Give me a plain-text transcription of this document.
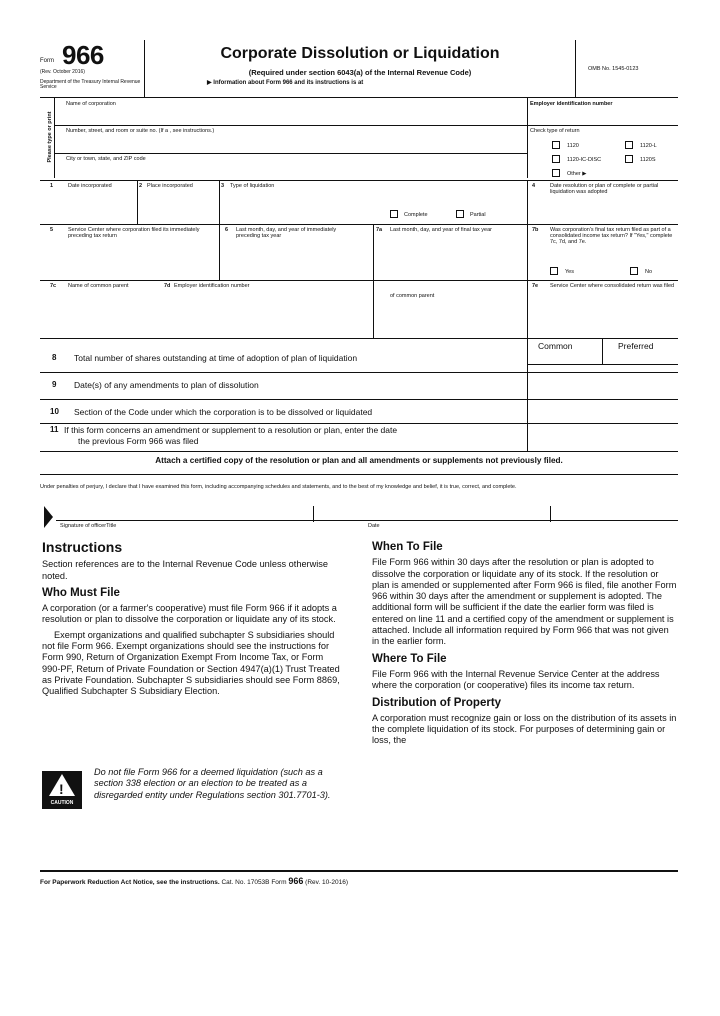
Form 966
(Rev. October 2016)
Department of the Treasury Internal Revenue Service
Corporate Dissolution or Liquidation
(Required under section 6043(a) of the Internal Revenue Code)
▶ Information about Form 966 and its instructions is at
OMB No. 1545-0123
Please type or print
Name of corporation	Employer identification number
Number, street, and room or suite no. (If a , see instructions.)	Check type of return
City or town, state, and ZIP code
1120	1120-L
1120-IC-DISC	1120S
Other ▶
1	Date incorporated	2 Place incorporated	3 Type of liquidation
Complete	Partial
4	Date resolution or plan of complete or partial liquidation was adopted
5	Service Center where corporation filed its immediately preceding tax return
6 Last month, day, and year of immediately preceding tax year
7a Last month, day, and year of final tax year	7b Was corporation's final tax return filed as part of a consolidated income tax return? If "Yes," complete 7c, 7d, and 7e.
Yes	No
7c Name of common parent	7d Employer identification number
of common parent
7e Service Center where consolidated return was filed
Common	Preferred
8 Total number of shares outstanding at time of adoption of plan of liquidation
9 Date(s) of any amendments to plan of dissolution
10 Section of the Code under which the corporation is to be dissolved or liquidated
11 If this form concerns an amendment or supplement to a resolution or plan, enter the date
the previous Form 966 was filed
Attach a certified copy of the resolution or plan and all amendments or supplements not previously filed.
Under penalties of perjury, I declare that I have examined this form, including accompanying schedules and statements, and to the best of my knowledge and belief, it is true, correct, and complete.
Signature of officerTitle	Date
Instructions

Section references are to the Internal Revenue Code unless otherwise noted.

Who Must File

A corporation (or a farmer's cooperative) must file Form 966 if it adopts a resolution or plan to dissolve the corporation or liquidate any of its stock.

Exempt organizations and qualified subchapter S subsidiaries should not file Form 966. Exempt organizations should see the instructions for Form 990, Return of Organization Exempt From Income Tax, or Form 990-PF, Return of Private Foundation or Section 4947(a)(1) Trust Treated as Private Foundation. Subchapter S subsidiaries should see Form 8869, Qualified Subchapter S Subsidiary Election.

!
CAUTION
Do not file Form 966 for a deemed liquidation (such as a section 338 election or an election to be treated as a disregarded entity under Regulations section 301.7701-3).
When To File

File Form 966 within 30 days after the resolution or plan is adopted to dissolve the corporation or liquidate any of its stock. If the resolution or plan is amended or supplemented after Form 966 is filed, file another Form 966 within 30 days after the amendment or supplement is adopted. The additional form will be sufficient if the date the earlier form was filed is entered on line 11 and a certified copy of the amendment or supplement is attached. Include all information required by Form 966 that was not given in the earlier form.

Where To File

File Form 966 with the Internal Revenue Service Center at the address where the corporation (or cooperative) files its income tax return.

Distribution of Property

A corporation must recognize gain or loss on the distribution of its assets in the complete liquidation of its stock. For purposes of determining gain or loss, the

For Paperwork Reduction Act Notice, see the instructions. Cat. No. 17053B Form 966 (Rev. 10-2016)
